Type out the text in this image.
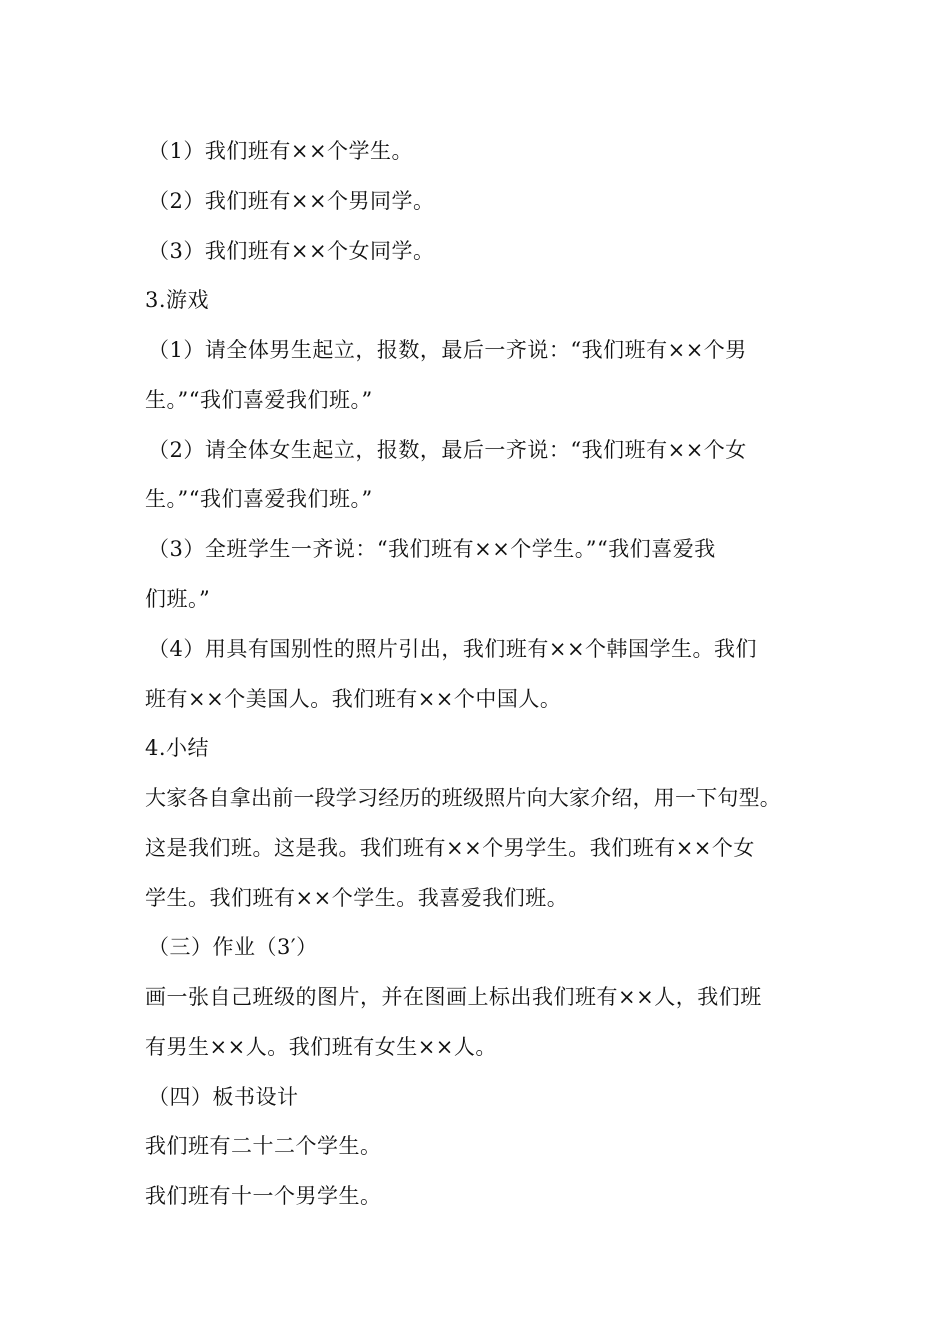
（1）我们班有××个学生。
（2）我们班有××个男同学。
（3）我们班有××个女同学。
3.游戏
（1）请全体男生起立，报数，最后一齐说：“我们班有××个男
生。”“我们喜爱我们班。”
（2）请全体女生起立，报数，最后一齐说：“我们班有××个女
生。”“我们喜爱我们班。”
（3）全班学生一齐说：“我们班有××个学生。”“我们喜爱我
们班。”
（4）用具有国别性的照片引出，我们班有××个韩国学生。我们
班有××个美国人。我们班有××个中国人。
4.小结
大家各自拿出前一段学习经历的班级照片向大家介绍，用一下句型。
这是我们班。这是我。我们班有××个男学生。我们班有××个女
学生。我们班有××个学生。我喜爱我们班。
（三）作业（3′）
画一张自己班级的图片，并在图画上标出我们班有××人，我们班
有男生××人。我们班有女生××人。
（四）板书设计
我们班有二十二个学生。
我们班有十一个男学生。
